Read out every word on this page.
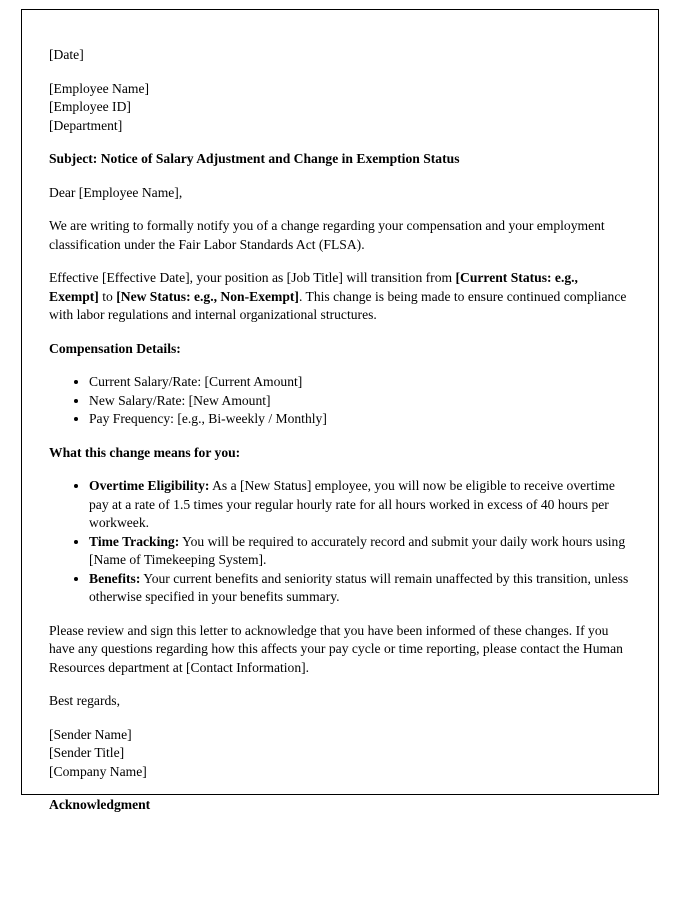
[Date]

[Employee Name]
[Employee ID]
[Department]

Subject: Notice of Salary Adjustment and Change in Exemption Status

Dear [Employee Name],

We are writing to formally notify you of a change regarding your compensation and your employment classification under the Fair Labor Standards Act (FLSA).

Effective [Effective Date], your position as [Job Title] will transition from [Current Status: e.g., Exempt] to [New Status: e.g., Non-Exempt]. This change is being made to ensure continued compliance with labor regulations and internal organizational structures.

Compensation Details:

• Current Salary/Rate: [Current Amount]
• New Salary/Rate: [New Amount]
• Pay Frequency: [e.g., Bi-weekly / Monthly]

What this change means for you:

• Overtime Eligibility: As a [New Status] employee, you will now be eligible to receive overtime pay at a rate of 1.5 times your regular hourly rate for all hours worked in excess of 40 hours per workweek.
• Time Tracking: You will be required to accurately record and submit your daily work hours using [Name of Timekeeping System].
• Benefits: Your current benefits and seniority status will remain unaffected by this transition, unless otherwise specified in your benefits summary.

Please review and sign this letter to acknowledge that you have been informed of these changes. If you have any questions regarding how this affects your pay cycle or time reporting, please contact the Human Resources department at [Contact Information].

Best regards,

[Sender Name]
[Sender Title]
[Company Name]

Acknowledgment
